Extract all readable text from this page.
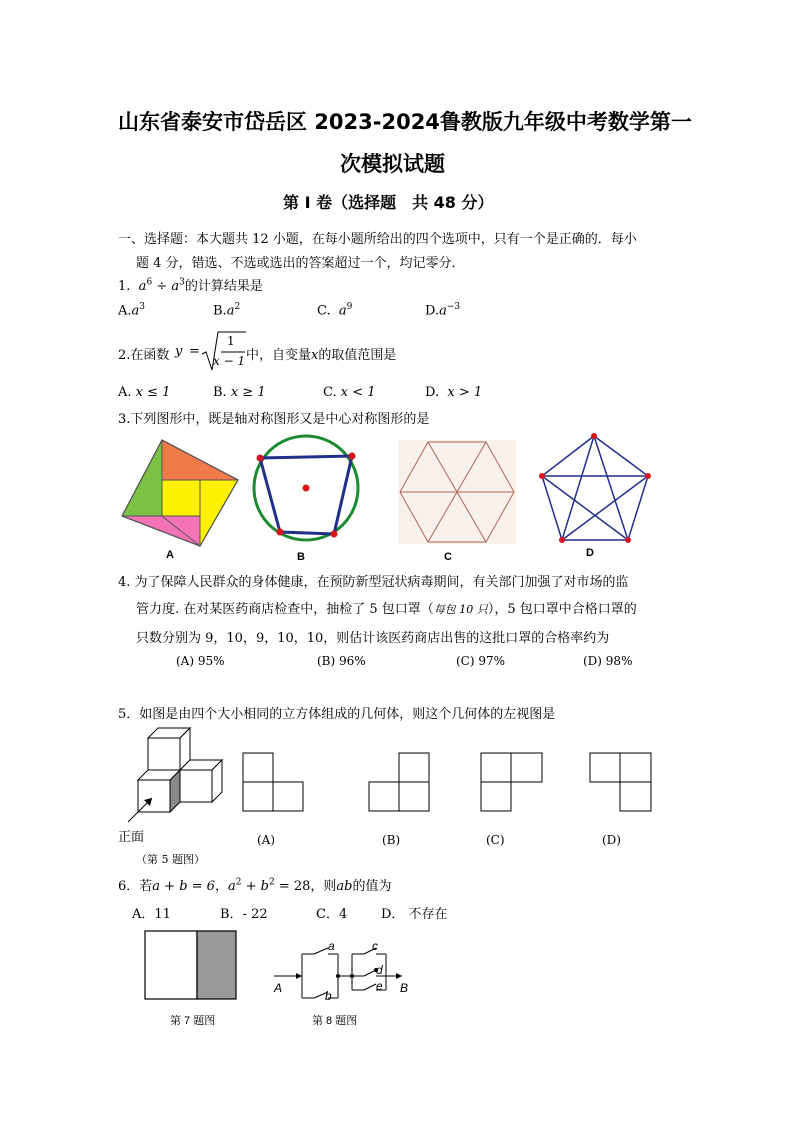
山东省泰安市岱岳区 2023-2024鲁教版九年级中考数学第一
次模拟试题
第 I 卷（选择题　共 48 分）
一、选择题：本大题共 12 小题，在每小题所给出的四个选项中，只有一个是正确的．每小
题 4 分，错选、不选或选出的答案超过一个，均记零分．
1. $a^6 \div a^3$的计算结果是
$A.a^3$	$B.a^2$	C. $a^9$	$D.a^{-3}$
2.在函数 y =
1
x − 1 中，自变量x的取值范围是
A. x ≤ 1	B. x ≥ 1	C. x < 1	D. x > 1
3.下列图形中，既是轴对称图形又是中心对称图形的是
A	B	C	D
4. 为了保障人民群众的身体健康，在预防新型冠状病毒期间，有关部门加强了对市场的监
管力度. 在对某医药商店检查中，抽检了 5 包口罩（每包 10 只），5 包口罩中合格口罩的
只数分别为 9，10，9，10，10，则估计该医药商店出售的这批口罩的合格率约为
(A) 95%	(B) 96%	(C) 97%	(D) 98%
5．如图是由四个大小相同的立方体组成的几何体，则这个几何体的左视图是
正面
（第 5 题图）
(A)	(B)	(C)	(D)
6．若a + b = 6，$a^2 + b^2 = 28$，则ab的值为
A．11	B．- 22	C．4	D． 不存在
第 7 题图
A	B
a
b
c
d
e
第 8 题图
